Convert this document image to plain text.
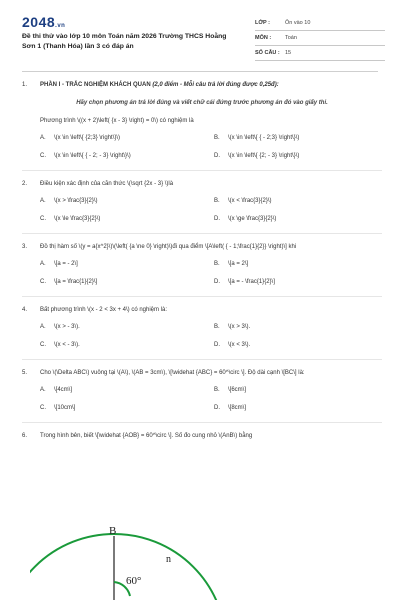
2048.vn
Đề thi thử vào lớp 10 môn Toán năm 2026 Trường THCS Hoằng Sơn 1 (Thanh Hóa) lần 3 có đáp án
LỚP :	Ôn vào 10
MÔN :	Toán
SỐ CÂU : 15
1.	PHẦN I - TRẮC NGHIỆM KHÁCH QUAN (2,0 điểm - Mỗi câu trả lời đúng được 0,25đ):
Hãy chọn phương án trả lời đúng và viết chữ cái đứng trước phương án đó vào giấy thi.
Phương trình \((x + 2)\left( {x - 3} \right) = 0\) có nghiệm là
A.	\(x \in \left\{ {2;3} \right\}\)	B.	\(x \in \left\{ { - 2;3} \right\}\)
C.	\(x \in \left\{ { - 2; - 3} \right\}\)	D.	\(x \in \left\{ {2; - 3} \right\}\)
2.	Điều kiện xác định của căn thức \(\sqrt {2x - 3} \)là
A.	\(x > \frac{3}{2}\)	B.	\(x < \frac{3}{2}\)
C.	\(x \le \frac{3}{2}\)	D.	\(x \ge \frac{3}{2}\)
3.	Đồ thị hàm số \(y = a{x^2}\)\(\left( {a \ne 0} \right)\)đi qua điểm \[A\left( { - 1;\frac{1}{2}} \right)\] khi
A.	\[a = - 2\]	B.	\[a = 2\]
C.	\[a = \frac{1}{2}\]	D.	\[a = - \frac{1}{2}\]
4.	Bất phương trình \(x - 2 < 3x + 4\) có nghiệm là:
A.	\(x > - 3\).	B.	\(x > 3\).
C.	\(x < - 3\).	D.	\(x < 3\).
5.	Cho \(\Delta ABC\) vuông tại \(A\), \(AB = 3cm\), \[\widehat {ABC} = 60^\circ \]. Độ dài cạnh \[BC\] là:
A.	\[4cm\]	B.	\[6cm\]
C.	\[10cm\]	D.	\[8cm\]
6.	Trong hình bên, biết \[\widehat {AOB} = 60^\circ \]. Số đo cung nhỏ \(AnB\) bằng
B
n
60°
